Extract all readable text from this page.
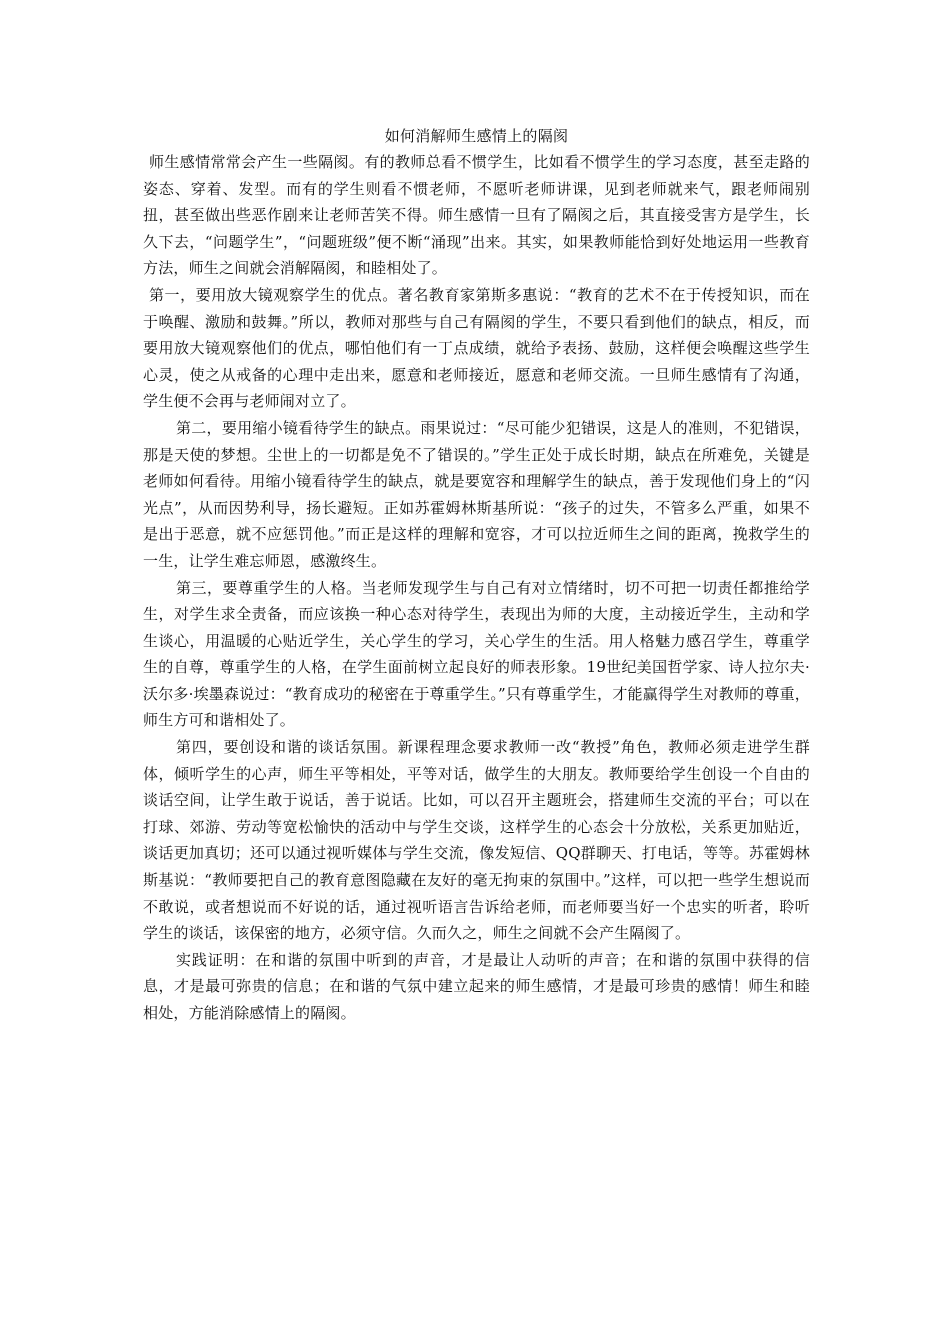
如何消解师生感情上的隔阂

师生感情常常会产生一些隔阂。有的教师总看不惯学生，比如看不惯学生的学习态度，甚至走路的姿态、穿着、发型。而有的学生则看不惯老师，不愿听老师讲课，见到老师就来气，跟老师闹别扭，甚至做出些恶作剧来让老师苦笑不得。师生感情一旦有了隔阂之后，其直接受害方是学生，长久下去，“问题学生”，“问题班级”便不断“涌现”出来。其实，如果教师能恰到好处地运用一些教育方法，师生之间就会消解隔阂，和睦相处了。

第一，要用放大镜观察学生的优点。著名教育家第斯多惠说：“教育的艺术不在于传授知识，而在于唤醒、激励和鼓舞。”所以，教师对那些与自己有隔阂的学生，不要只看到他们的缺点，相反，而要用放大镜观察他们的优点，哪怕他们有一丁点成绩，就给予表扬、鼓励，这样便会唤醒这些学生心灵，使之从戒备的心理中走出来，愿意和老师接近，愿意和老师交流。一旦师生感情有了沟通，学生便不会再与老师闹对立了。

第二，要用缩小镜看待学生的缺点。雨果说过：“尽可能少犯错误，这是人的准则，不犯错误，那是天使的梦想。尘世上的一切都是免不了错误的。”学生正处于成长时期，缺点在所难免，关键是老师如何看待。用缩小镜看待学生的缺点，就是要宽容和理解学生的缺点，善于发现他们身上的“闪光点”，从而因势利导，扬长避短。正如苏霍姆林斯基所说：“孩子的过失，不管多么严重，如果不是出于恶意，就不应惩罚他。”而正是这样的理解和宽容，才可以拉近师生之间的距离，挽救学生的一生，让学生难忘师恩，感激终生。

第三，要尊重学生的人格。当老师发现学生与自己有对立情绪时，切不可把一切责任都推给学生，对学生求全责备，而应该换一种心态对待学生，表现出为师的大度，主动接近学生，主动和学生谈心，用温暖的心贴近学生，关心学生的学习，关心学生的生活。用人格魅力感召学生，尊重学生的自尊，尊重学生的人格，在学生面前树立起良好的师表形象。19世纪美国哲学家、诗人拉尔夫·沃尔多·埃墨森说过：“教育成功的秘密在于尊重学生。”只有尊重学生，才能赢得学生对教师的尊重，师生方可和谐相处了。

第四，要创设和谐的谈话氛围。新课程理念要求教师一改“教授”角色，教师必须走进学生群体，倾听学生的心声，师生平等相处，平等对话，做学生的大朋友。教师要给学生创设一个自由的谈话空间，让学生敢于说话，善于说话。比如，可以召开主题班会，搭建师生交流的平台；可以在打球、郊游、劳动等宽松愉快的活动中与学生交谈，这样学生的心态会十分放松，关系更加贴近，谈话更加真切；还可以通过视听媒体与学生交流，像发短信、QQ群聊天、打电话，等等。苏霍姆林斯基说：“教师要把自己的教育意图隐藏在友好的毫无拘束的氛围中。”这样，可以把一些学生想说而不敢说，或者想说而不好说的话，通过视听语言告诉给老师，而老师要当好一个忠实的听者，聆听学生的谈话，该保密的地方，必须守信。久而久之，师生之间就不会产生隔阂了。

实践证明：在和谐的氛围中听到的声音，才是最让人动听的声音；在和谐的氛围中获得的信息，才是最可弥贵的信息；在和谐的气氛中建立起来的师生感情，才是最可珍贵的感情！师生和睦相处，方能消除感情上的隔阂。
